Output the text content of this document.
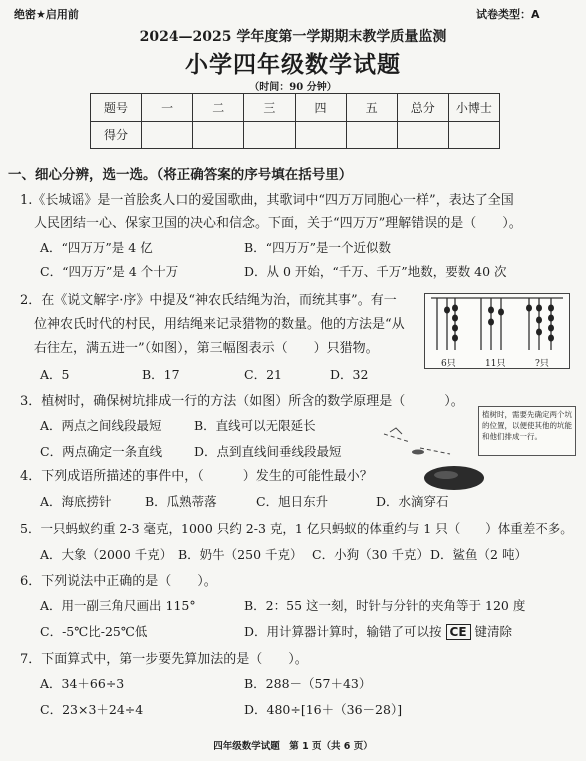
绝密★启用前	试卷类型：A
2024—2025 学年度第一学期期末教学质量监测
小学四年级数学试题
（时间：90 分钟）
题号	一	二	三	四	五	总分	小博士
得分							
一、细心分辨，选一选。（将正确答案的序号填在括号里）
1.《长城谣》是一首脍炙人口的爱国歌曲，其歌词中“四万万同胞心一样”，表达了全国
人民团结一心、保家卫国的决心和信念。下面，关于“四万万”理解错误的是（　　）。
A．“四万万”是 4 亿	B．“四万万”是一个近似数
C．“四万万”是 4 个十万	D．从 0 开始，“千万、千万”地数，要数 40 次
2．在《说文解字·序》中提及“神农氏结绳为治，而统其事”。有一
位神农氏时代的村民，用结绳来记录猎物的数量。他的方法是“从
右往左，满五进一”（如图），第三幅图表示（　　）只猎物。
A．5	B．17	C．21	D．32
6只	11只	?只
3．植树时，确保树坑排成一行的方法（如图）所含的数学原理是（　　　）。
A．两点之间线段最短	B．直线可以无限延长
C．两点确定一条直线	D．点到直线间垂线段最短
植树时，需要先确定两个坑的位置，以便使其他的坑能和他们排成一行。
4．下列成语所描述的事件中，（　　　）发生的可能性最小？
A．海底捞针	B．瓜熟蒂落	C．旭日东升	D．水滴穿石
5．一只蚂蚁约重 2-3 毫克，1000 只约 2-3 克，1 亿只蚂蚁的体重约与 1 只（　　）体重差不多。
A．大象（2000 千克） B．奶牛（250 千克） C．小狗（30 千克） D．鲨鱼（2 吨）
6．下列说法中正确的是（　　）。
A．用一副三角尺画出 115°	B．2：55 这一刻，时针与分针的夹角等于 120 度
C．-5℃比-25℃低	D．用计算器计算时，输错了可以按 CE 键清除
7．下面算式中，第一步要先算加法的是（　　）。
A．34＋66÷3	B．288－（57＋43）
C．23×3＋24÷4	D．480÷[16＋（36－28）]
四年级数学试题　第 1 页（共 6 页）
